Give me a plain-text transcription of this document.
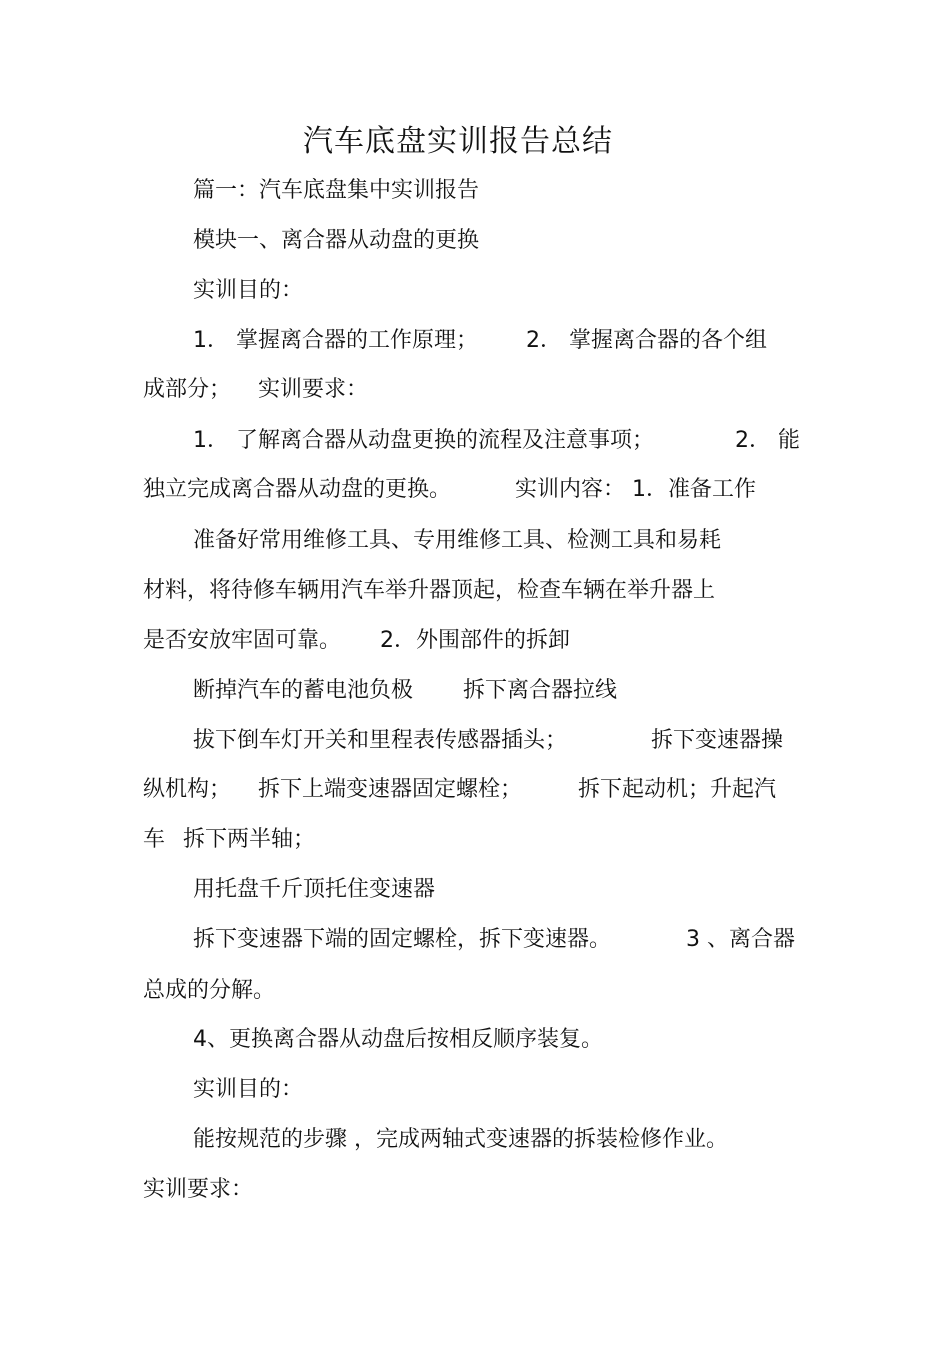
汽车底盘实训报告总结
篇一：汽车底盘集中实训报告
模块一、离合器从动盘的更换
实训目的：
1． 掌握离合器的工作原理； 2． 掌握离合器的各个组
成部分； 实训要求：
1． 了解离合器从动盘更换的流程及注意事项；	2． 能
独立完成离合器从动盘的更换。	实训内容： 1．准备工作
准备好常用维修工具、专用维修工具、检测工具和易耗
材料，将待修车辆用汽车举升器顶起，检查车辆在举升器上
是否安放牢固可靠。 2．外围部件的拆卸
断掉汽车的蓄电池负极 拆下离合器拉线
拔下倒车灯开关和里程表传感器插头；	拆下变速器操
纵机构； 拆下上端变速器固定螺栓；	拆下起动机；升起汽
车 拆下两半轴；
用托盘千斤顶托住变速器
拆下变速器下端的固定螺栓，拆下变速器。	3 、离合器
总成的分解。
4、更换离合器从动盘后按相反顺序装复。
实训目的：
能按规范的步骤 ，完成两轴式变速器的拆装检修作业。
实训要求：
